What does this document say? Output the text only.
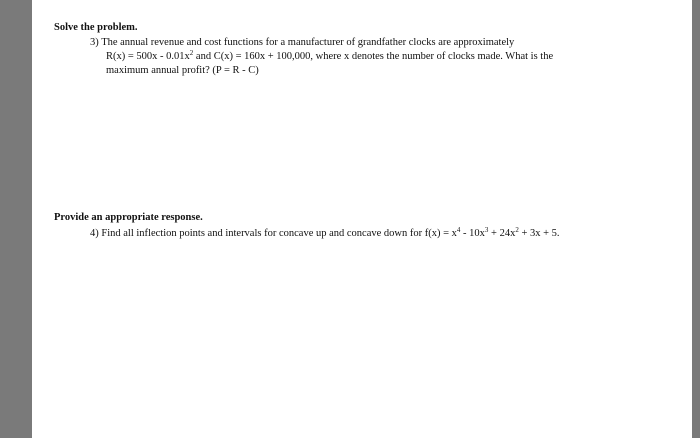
Solve the problem.
3) The annual revenue and cost functions for a manufacturer of grandfather clocks are approximately
$R(x) = 500x - 0.01x^2$ and C(x) = 160x + 100,000, where x denotes the number of clocks made. What is the
maximum annual profit? (P = R - C)
Provide an appropriate response.
4) Find all inflection points and intervals for concave up and concave down for $f(x) = x^4 - 10x^3 + 24x^2 + 3x + 5$.
